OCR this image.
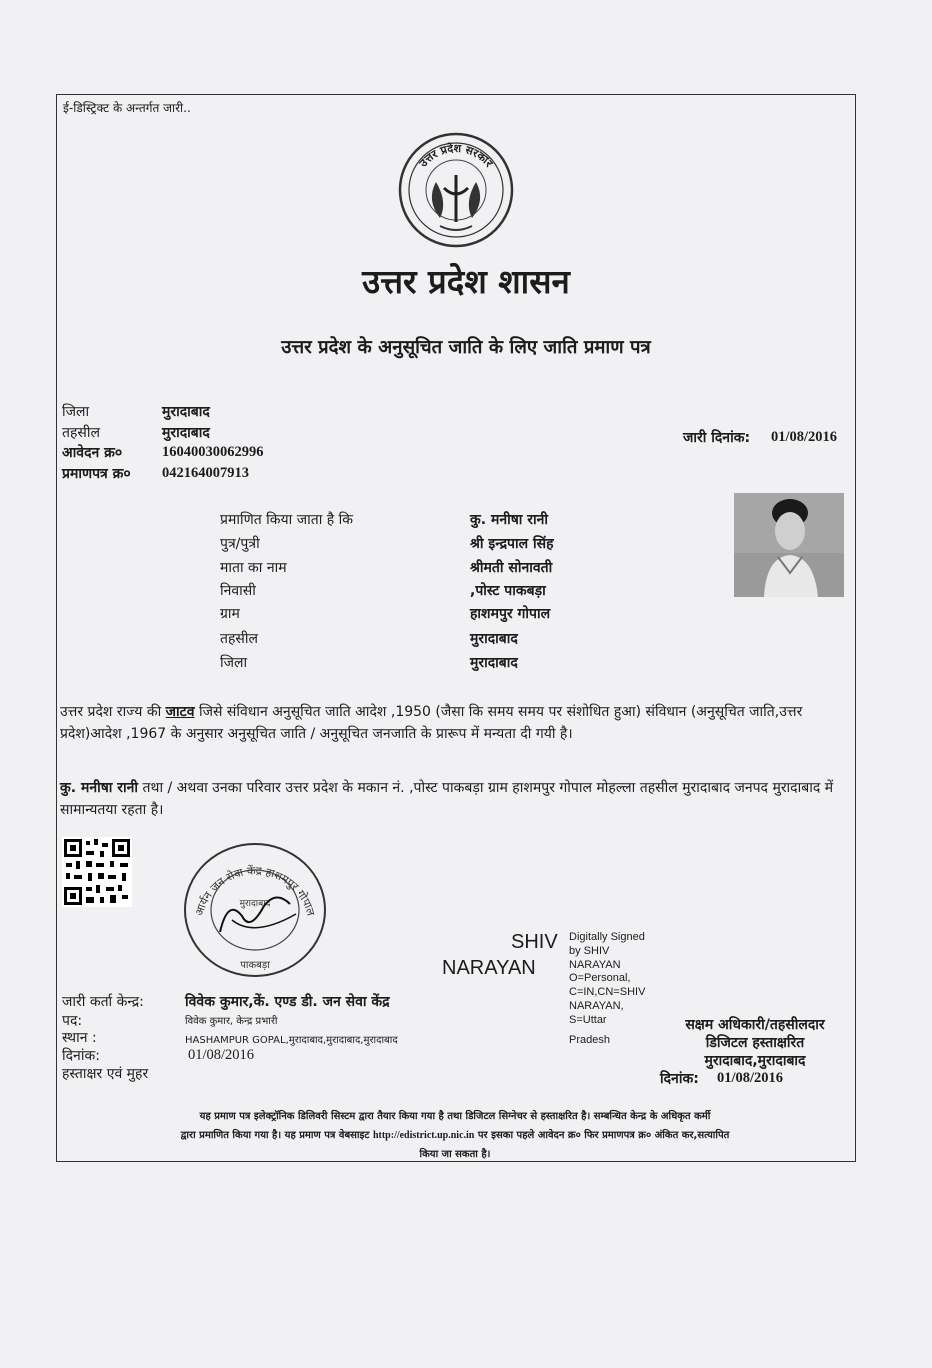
ई-डिस्ट्रिक्ट के अन्तर्गत जारी..
उत्तर प्रदेश सरकार
उत्तर प्रदेश शासन
उत्तर प्रदेश के अनुसूचित जाति के लिए जाति प्रमाण पत्र
जिला	मुरादाबाद
तहसील	मुरादाबाद
आवेदन क्र०	16040030062996
प्रमाणपत्र क्र० 042164007913
जारी दिनांक: 01/08/2016
प्रमाणित किया जाता है कि	कु. मनीषा रानी
पुत्र/पुत्री	श्री इन्द्रपाल सिंह
माता का नाम	श्रीमती सोनावती
निवासी	,पोस्ट पाकबड़ा
ग्राम	हाशमपुर गोपाल
तहसील	मुरादाबाद
जिला	मुरादाबाद
उत्तर प्रदेश राज्य की जाटव जिसे संविधान अनुसूचित जाति आदेश ,1950 (जैसा कि समय समय पर संशोधित हुआ) संविधान (अनुसूचित जाति,उत्तर प्रदेश)आदेश ,1967 के अनुसार अनुसूचित जाति / अनुसूचित जनजाति के प्रारूप में मन्यता दी गयी है।
कु. मनीषा रानी तथा / अथवा उनका परिवार उत्तर प्रदेश के मकान नं. ,पोस्ट पाकबड़ा ग्राम हाशमपुर गोपाल मोहल्ला तहसील मुरादाबाद जनपद मुरादाबाद में सामान्यतया रहता है।
आर्यन जन सेवा केंद्र हाशमपुर गोपाल
पाकबड़ा
मुरादाबाद
SHIV
NARAYAN
Digitally Signed
by SHIV
NARAYAN
O=Personal,
C=IN,CN=SHIV
NARAYAN,
S=Uttar
Pradesh
जारी कर्ता केन्द्र:	विवेक कुमार,कें. एण्ड डी. जन सेवा केंद्र
पद:	विवेक कुमार, केन्द्र प्रभारी
स्थान :	HASHAMPUR GOPAL,मुरादाबाद,मुरादाबाद,मुरादाबाद
दिनांक:	01/08/2016
हस्ताक्षर एवं मुहर
सक्षम अधिकारी/तहसीलदार
डिजिटल हस्ताक्षरित
मुरादाबाद,मुरादाबाद
दिनांक: 01/08/2016
यह प्रमाण पत्र इलेक्ट्रॉनिक डिलिवरी सिस्टम द्वारा तैयार किया गया है तथा डिजिटल सिग्नेचर से हस्ताक्षरित है। सम्बन्धित केन्द्र के अधिकृत कर्मी
द्वारा प्रमाणित किया गया है। यह प्रमाण पत्र वेबसाइट http://edistrict.up.nic.in पर इसका पहले आवेदन क्र० फिर प्रमाणपत्र क्र० अंकित कर,सत्यापित
किया जा सकता है।
